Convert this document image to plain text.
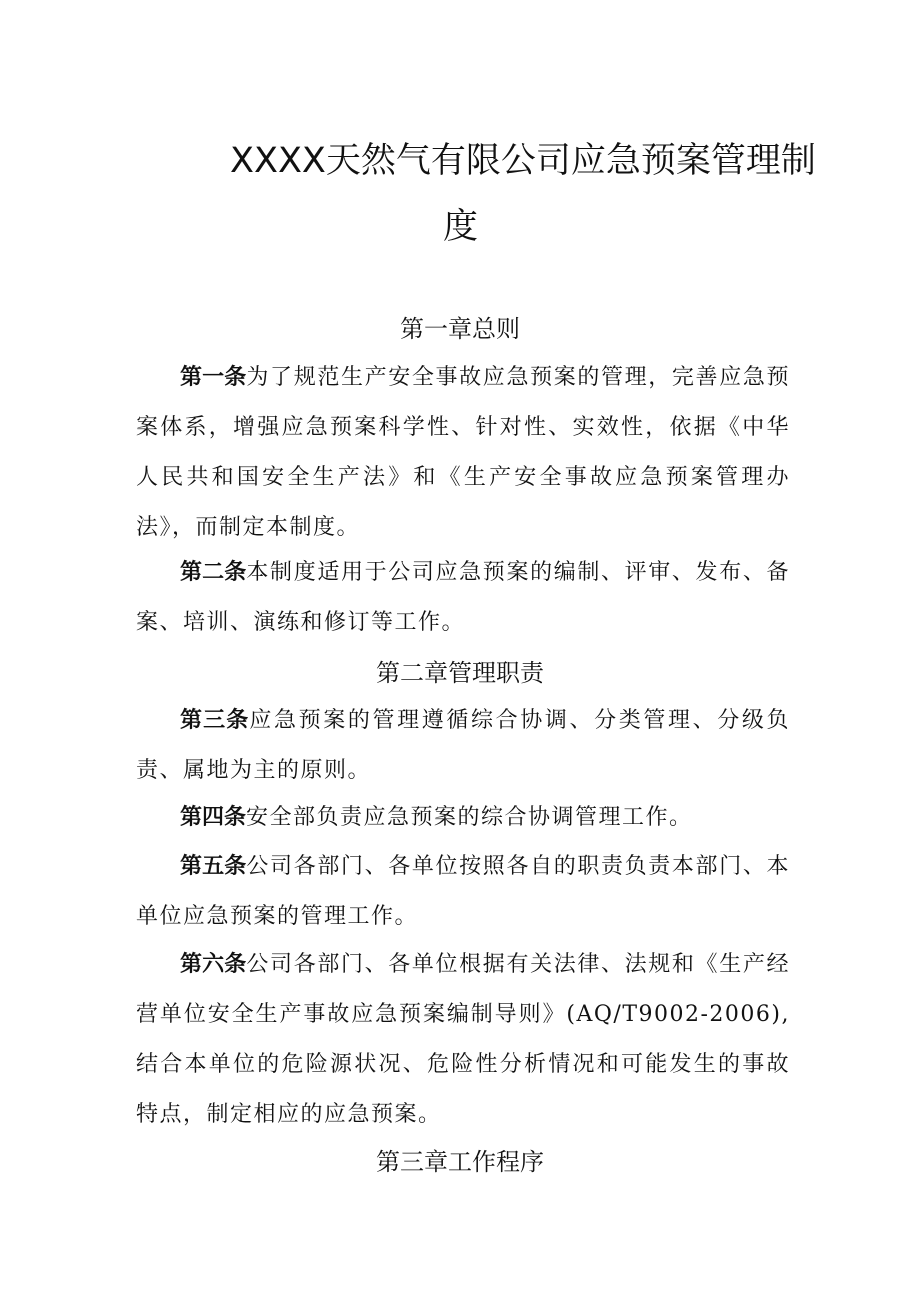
XXXX天然气有限公司应急预案管理制
度
第一章总则

第一条为了规范生产安全事故应急预案的管理，完善应急预案体系，增强应急预案科学性、针对性、实效性，依据《中华人民共和国安全生产法》和《生产安全事故应急预案管理办法》，而制定本制度。

第二条本制度适用于公司应急预案的编制、评审、发布、备案、培训、演练和修订等工作。

第二章管理职责

第三条应急预案的管理遵循综合协调、分类管理、分级负责、属地为主的原则。

第四条安全部负责应急预案的综合协调管理工作。

第五条公司各部门、各单位按照各自的职责负责本部门、本单位应急预案的管理工作。

第六条公司各部门、各单位根据有关法律、法规和《生产经营单位安全生产事故应急预案编制导则》(AQ/T9002-2006),结合本单位的危险源状况、危险性分析情况和可能发生的事故特点，制定相应的应急预案。

第三章工作程序
